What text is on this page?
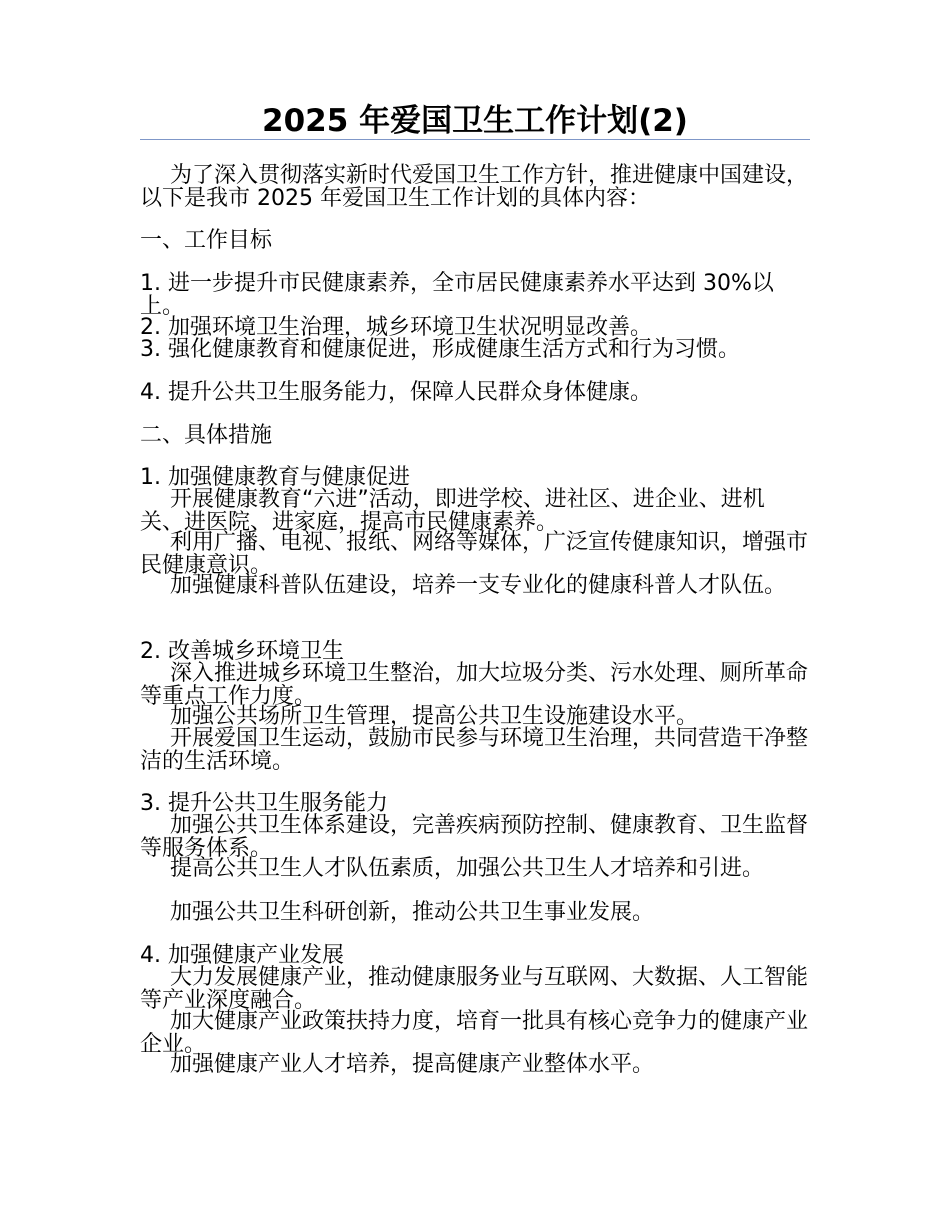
2025 年爱国卫生工作计划(2)

为了深入贯彻落实新时代爱国卫生工作方针，推进健康中国建设，以下是我市 2025 年爱国卫生工作计划的具体内容：

一、工作目标

1. 进一步提升市民健康素养，全市居民健康素养水平达到 30%以上。

2. 加强环境卫生治理，城乡环境卫生状况明显改善。

3. 强化健康教育和健康促进，形成健康生活方式和行为习惯。

4. 提升公共卫生服务能力，保障人民群众身体健康。

二、具体措施

1. 加强健康教育与健康促进

开展健康教育“六进”活动，即进学校、进社区、进企业、进机关、进医院、进家庭，提高市民健康素养。

利用广播、电视、报纸、网络等媒体，广泛宣传健康知识，增强市民健康意识。

加强健康科普队伍建设，培养一支专业化的健康科普人才队伍。

2. 改善城乡环境卫生

深入推进城乡环境卫生整治，加大垃圾分类、污水处理、厕所革命等重点工作力度。

加强公共场所卫生管理，提高公共卫生设施建设水平。

开展爱国卫生运动，鼓励市民参与环境卫生治理，共同营造干净整洁的生活环境。

3. 提升公共卫生服务能力

加强公共卫生体系建设，完善疾病预防控制、健康教育、卫生监督等服务体系。

提高公共卫生人才队伍素质，加强公共卫生人才培养和引进。

加强公共卫生科研创新，推动公共卫生事业发展。

4. 加强健康产业发展

大力发展健康产业，推动健康服务业与互联网、大数据、人工智能等产业深度融合。

加大健康产业政策扶持力度，培育一批具有核心竞争力的健康产业企业。

加强健康产业人才培养，提高健康产业整体水平。
